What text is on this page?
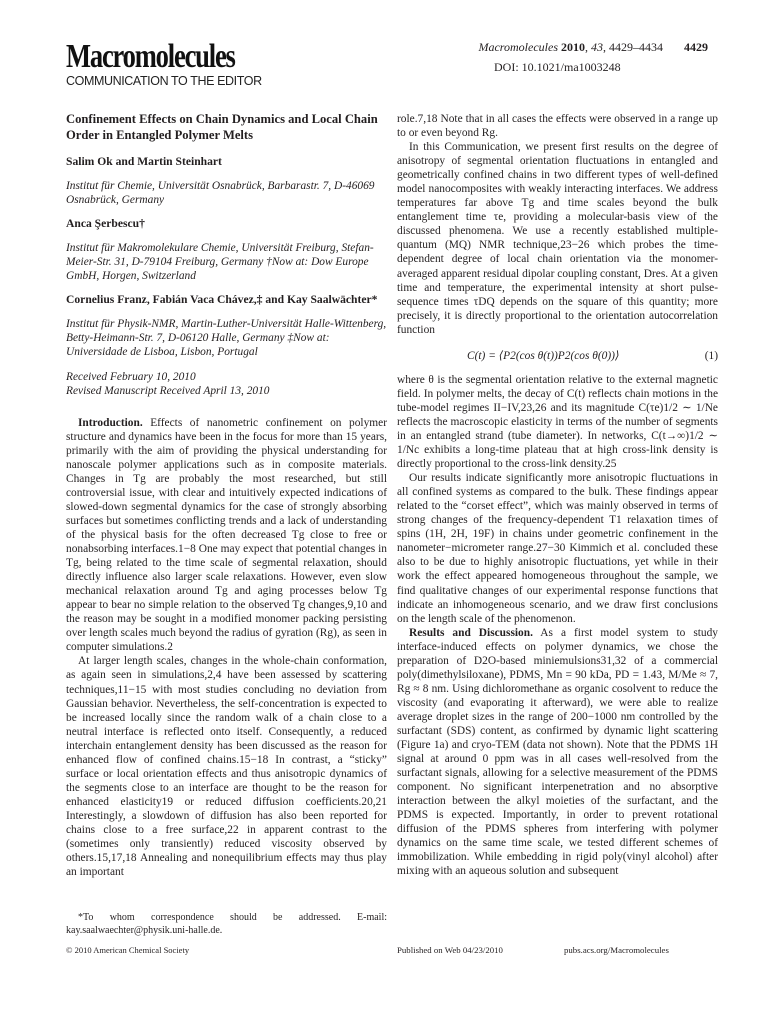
Macromolecules
COMMUNICATION TO THE EDITOR
Macromolecules 2010, 43, 4429–4434 4429
DOI: 10.1021/ma1003248
Confinement Effects on Chain Dynamics and Local Chain Order in Entangled Polymer Melts
Salim Ok and Martin Steinhart
Institut für Chemie, Universität Osnabrück, Barbarastr. 7, D-46069 Osnabrück, Germany
Anca Şerbescu†
Institut für Makromolekulare Chemie, Universität Freiburg, Stefan-Meier-Str. 31, D-79104 Freiburg, Germany †Now at: Dow Europe GmbH, Horgen, Switzerland
Cornelius Franz, Fabián Vaca Chávez,‡ and Kay Saalwächter*
Institut für Physik-NMR, Martin-Luther-Universität Halle-Wittenberg, Betty-Heimann-Str. 7, D-06120 Halle, Germany ‡Now at: Universidade de Lisboa, Lisbon, Portugal
Received February 10, 2010
Revised Manuscript Received April 13, 2010

Introduction. Effects of nanometric confinement on polymer structure and dynamics have been in the focus for more than 15 years, primarily with the aim of providing the physical understanding for nanoscale polymer applications such as in composite materials. Changes in Tg are probably the most researched, but still controversial issue, with clear and intuitively expected indications of slowed-down segmental dynamics for the case of strongly absorbing surfaces but sometimes conflicting trends and a lack of understanding of the physical basis for the often decreased Tg close to free or nonabsorbing interfaces.1−8 One may expect that potential changes in Tg, being related to the time scale of segmental relaxation, should directly influence also larger scale relaxations. However, even slow mechanical relaxation around Tg and aging processes below Tg appear to bear no simple relation to the observed Tg changes,9,10 and the reason may be sought in a modified monomer packing persisting over length scales much beyond the radius of gyration (Rg), as seen in computer simulations.2

At larger length scales, changes in the whole-chain conformation, as again seen in simulations,2,4 have been assessed by scattering techniques,11−15 with most studies concluding no deviation from Gaussian behavior. Nevertheless, the self-concentration is expected to be increased locally since the random walk of a chain close to a neutral interface is reflected onto itself. Consequently, a reduced interchain entanglement density has been discussed as the reason for enhanced flow of confined chains.15−18 In contrast, a “sticky” surface or local orientation effects and thus anisotropic dynamics of the segments close to an interface are thought to be the reason for enhanced elasticity19 or reduced diffusion coefficients.20,21 Interestingly, a slowdown of diffusion has also been reported for chains close to a free surface,22 in apparent contrast to the (sometimes only transiently) reduced viscosity observed by others.15,17,18 Annealing and nonequilibrium effects may thus play an important

role.7,18 Note that in all cases the effects were observed in a range up to or even beyond Rg.

In this Communication, we present first results on the degree of anisotropy of segmental orientation fluctuations in entangled and geometrically confined chains in two different types of well-defined model nanocomposites with weakly interacting interfaces. We address temperatures far above Tg and time scales beyond the bulk entanglement time τe, providing a molecular-basis view of the discussed phenomena. We use a recently established multiple-quantum (MQ) NMR technique,23−26 which probes the time-dependent degree of local chain orientation via the monomer-averaged apparent residual dipolar coupling constant, Dres. At a given time and temperature, the experimental intensity at short pulse-sequence times τDQ depends on the square of this quantity; more precisely, it is directly proportional to the orientation autocorrelation function

C(t) = ⟨P2(cos θ(t))P2(cos θ(0))⟩	(1)

where θ is the segmental orientation relative to the external magnetic field. In polymer melts, the decay of C(t) reflects chain motions in the tube-model regimes II−IV,23,26 and its magnitude C(τe)1/2 ∼ 1/Ne reflects the macroscopic elasticity in terms of the number of segments in an entangled strand (tube diameter). In networks, C(t→∞)1/2 ∼ 1/Nc exhibits a long-time plateau that at high cross-link density is directly proportional to the cross-link density.25

Our results indicate significantly more anisotropic fluctuations in all confined systems as compared to the bulk. These findings appear related to the “corset effect”, which was mainly observed in terms of strong changes of the frequency-dependent T1 relaxation times of spins (1H, 2H, 19F) in chains under geometric confinement in the nanometer−micrometer range.27−30 Kimmich et al. concluded these also to be due to highly anisotropic fluctuations, yet while in their work the effect appeared homogeneous throughout the sample, we find qualitative changes of our experimental response functions that indicate an inhomogeneous scenario, and we draw first conclusions on the length scale of the phenomenon.

Results and Discussion. As a first model system to study interface-induced effects on polymer dynamics, we chose the preparation of D2O-based miniemulsions31,32 of a commercial poly(dimethylsiloxane), PDMS, Mn = 90 kDa, PD = 1.43, M/Me ≈ 7, Rg ≈ 8 nm. Using dichloromethane as organic cosolvent to reduce the viscosity (and evaporating it afterward), we were able to realize average droplet sizes in the range of 200−1000 nm controlled by the surfactant (SDS) content, as confirmed by dynamic light scattering (Figure 1a) and cryo-TEM (data not shown). Note that the PDMS 1H signal at around 0 ppm was in all cases well-resolved from the surfactant signals, allowing for a selective measurement of the PDMS component. No significant interpenetration and no absorptive interaction between the alkyl moieties of the surfactant, and the PDMS is expected. Importantly, in order to prevent rotational diffusion of the PDMS spheres from interfering with polymer dynamics on the same time scale, we tested different schemes of immobilization. While embedding in rigid poly(vinyl alcohol) after mixing with an aqueous solution and subsequent

*To whom correspondence should be addressed. E-mail: kay.saalwaechter@physik.uni-halle.de.

© 2010 American Chemical Society	Published on Web 04/23/2010	pubs.acs.org/Macromolecules
